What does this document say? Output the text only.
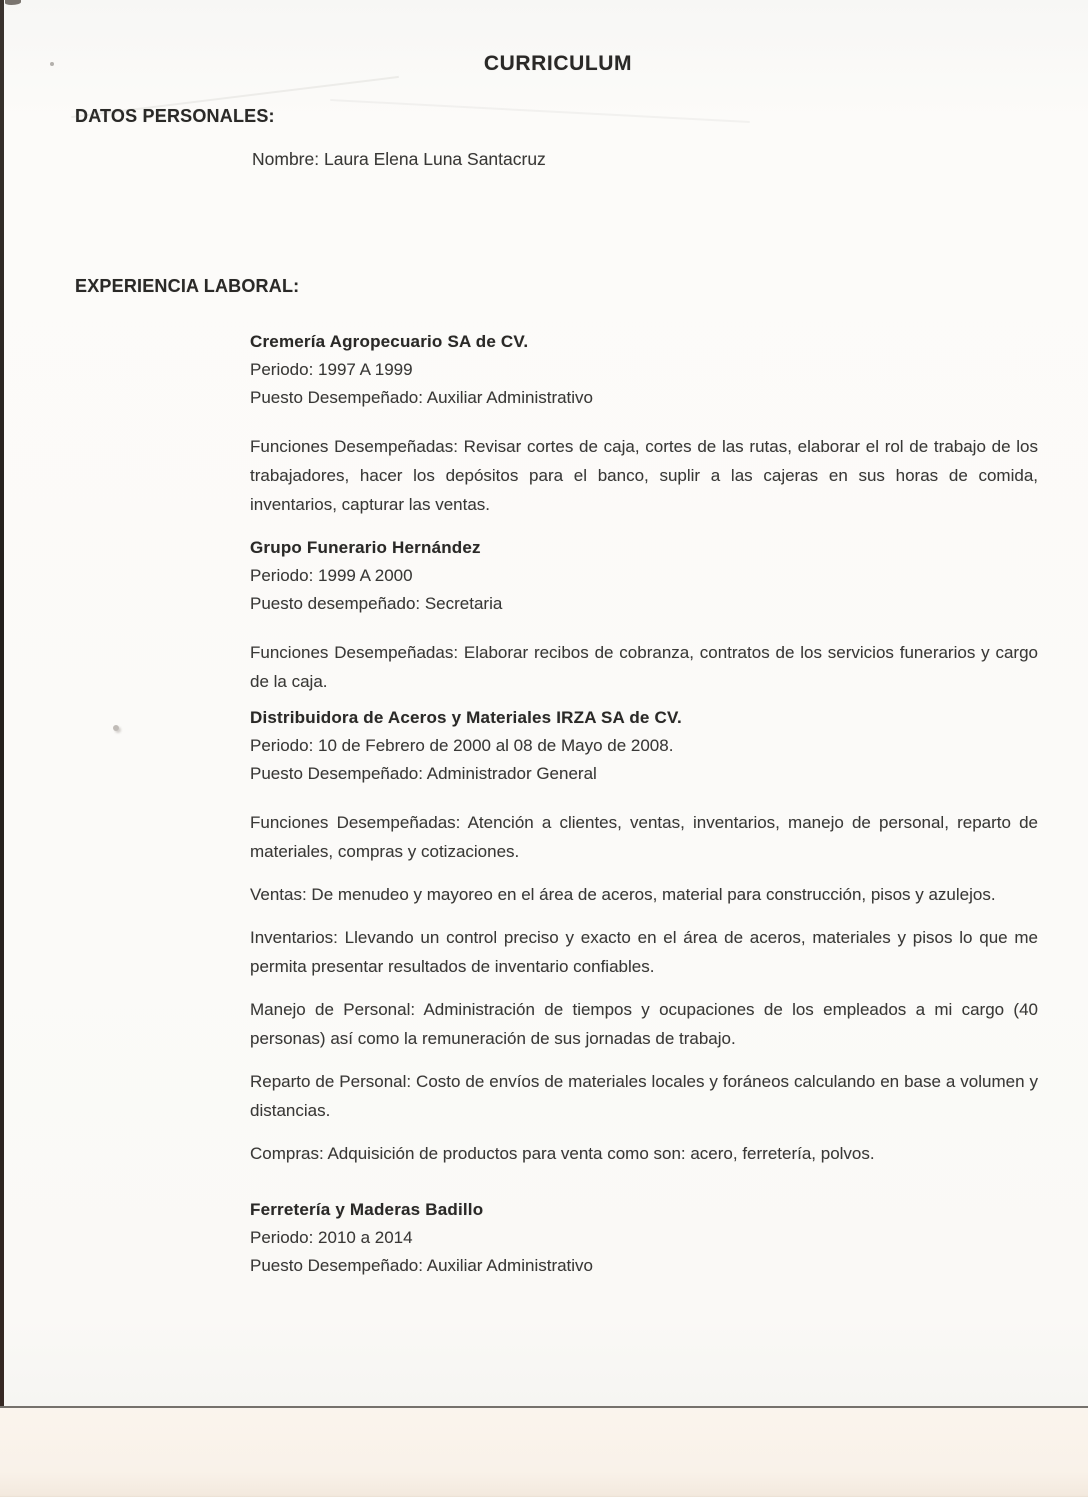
CURRICULUM
DATOS PERSONALES:
Nombre: Laura Elena Luna Santacruz
EXPERIENCIA LABORAL:

Cremería Agropecuario SA de CV.

Periodo: 1997 A 1999

Puesto Desempeñado: Auxiliar Administrativo

Funciones Desempeñadas: Revisar cortes de caja, cortes de las rutas, elaborar el rol de trabajo de los trabajadores, hacer los depósitos para el banco, suplir a las cajeras en sus horas de comida, inventarios, capturar las ventas.

Grupo Funerario Hernández

Periodo: 1999 A 2000

Puesto desempeñado: Secretaria

Funciones Desempeñadas: Elaborar recibos de cobranza, contratos de los servicios funerarios y cargo de la caja.

Distribuidora de Aceros y Materiales IRZA SA de CV.

Periodo: 10 de Febrero de 2000 al 08 de Mayo de 2008.

Puesto Desempeñado: Administrador General

Funciones Desempeñadas: Atención a clientes, ventas, inventarios, manejo de personal, reparto de materiales, compras y cotizaciones.

Ventas: De menudeo y mayoreo en el área de aceros, material para construcción, pisos y azulejos.

Inventarios: Llevando un control preciso y exacto en el área de aceros, materiales y pisos lo que me permita presentar resultados de inventario confiables.

Manejo de Personal: Administración de tiempos y ocupaciones de los empleados a mi cargo (40 personas) así como la remuneración de sus jornadas de trabajo.

Reparto de Personal: Costo de envíos de materiales locales y foráneos calculando en base a volumen y distancias.

Compras: Adquisición de productos para venta como son: acero, ferretería, polvos.

Ferretería y Maderas Badillo

Periodo: 2010 a 2014

Puesto Desempeñado: Auxiliar Administrativo
